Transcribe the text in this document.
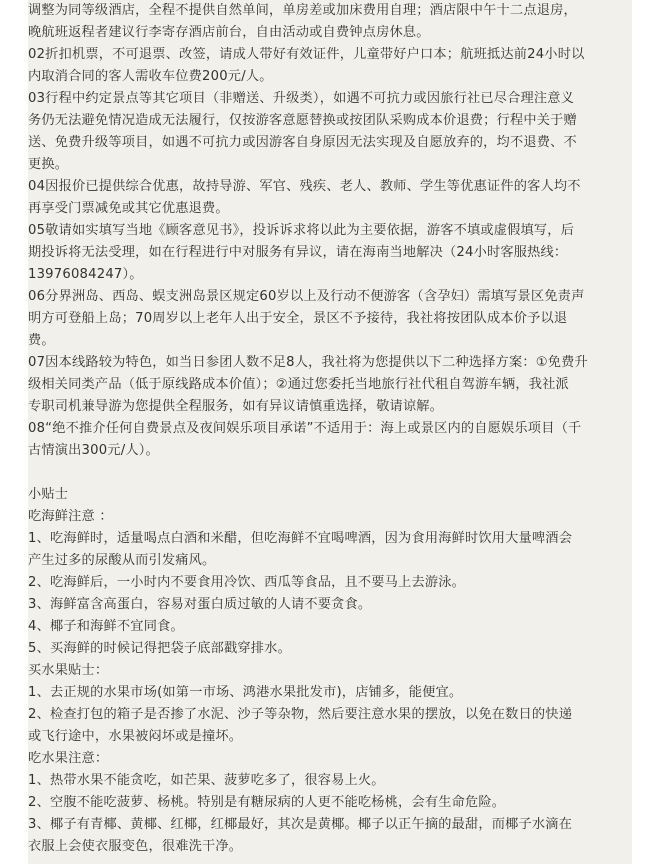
调整为同等级酒店，全程不提供自然单间，单房差或加床费用自理；酒店限中午十二点退房，
晚航班返程者建议行李寄存酒店前台，自由活动或自费钟点房休息。
02折扣机票，不可退票、改签，请成人带好有效证件，儿童带好户口本；航班抵达前24小时以
内取消合同的客人需收车位费200元/人。
03行程中约定景点等其它项目（非赠送、升级类），如遇不可抗力或因旅行社已尽合理注意义
务仍无法避免情况造成无法履行，仅按游客意愿替换或按团队采购成本价退费；行程中关于赠
送、免费升级等项目，如遇不可抗力或因游客自身原因无法实现及自愿放弃的，均不退费、不
更换。
04因报价已提供综合优惠，故持导游、军官、残疾、老人、教师、学生等优惠证件的客人均不
再享受门票减免或其它优惠退费。
05敬请如实填写当地《顾客意见书》，投诉诉求将以此为主要依据，游客不填或虚假填写，后
期投诉将无法受理，如在行程进行中对服务有异议，请在海南当地解决（24小时客服热线：
13976084247）。
06分界洲岛、西岛、蜈支洲岛景区规定60岁以上及行动不便游客（含孕妇）需填写景区免责声
明方可登船上岛；70周岁以上老年人出于安全，景区不予接待，我社将按团队成本价予以退
费。
07因本线路较为特色，如当日参团人数不足8人，我社将为您提供以下二种选择方案：①免费升
级相关同类产品（低于原线路成本价值）；②通过您委托当地旅行社代租自驾游车辆，我社派
专职司机兼导游为您提供全程服务，如有异议请慎重选择，敬请谅解。
08“绝不推介任何自费景点及夜间娱乐项目承诺”不适用于：海上或景区内的自愿娱乐项目（千
古情演出300元/人）。
小贴士
吃海鲜注意 ：
1、吃海鲜时，适量喝点白酒和米醋，但吃海鲜不宜喝啤酒，因为食用海鲜时饮用大量啤酒会
产生过多的尿酸从而引发痛风。
2、吃海鲜后，一小时内不要食用冷饮、西瓜等食品，且不要马上去游泳。
3、海鲜富含高蛋白，容易对蛋白质过敏的人请不要贪食。
4、椰子和海鲜不宜同食。
5、买海鲜的时候记得把袋子底部戳穿排水。
买水果贴士：
1、去正规的水果市场(如第一市场、鸿港水果批发市)，店铺多，能便宜。
2、检查打包的箱子是否掺了水泥、沙子等杂物，然后要注意水果的摆放，以免在数日的快递
或飞行途中，水果被闷坏或是撞坏。
吃水果注意：
1、热带水果不能贪吃，如芒果、菠萝吃多了，很容易上火。
2、空腹不能吃菠萝、杨桃。特别是有糖尿病的人更不能吃杨桃，会有生命危险。
3、椰子有青椰、黄椰、红椰，红椰最好，其次是黄椰。椰子以正午摘的最甜，而椰子水滴在
衣服上会使衣服变色，很难洗干净。
